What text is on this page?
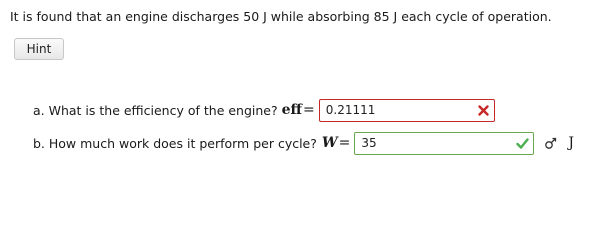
It is found that an engine discharges 50 J while absorbing 85 J each cycle of operation.
Hint
a. What is the efficiency of the engine? eff =
0.21111
b. How much work does it perform per cycle? W =
35	J
